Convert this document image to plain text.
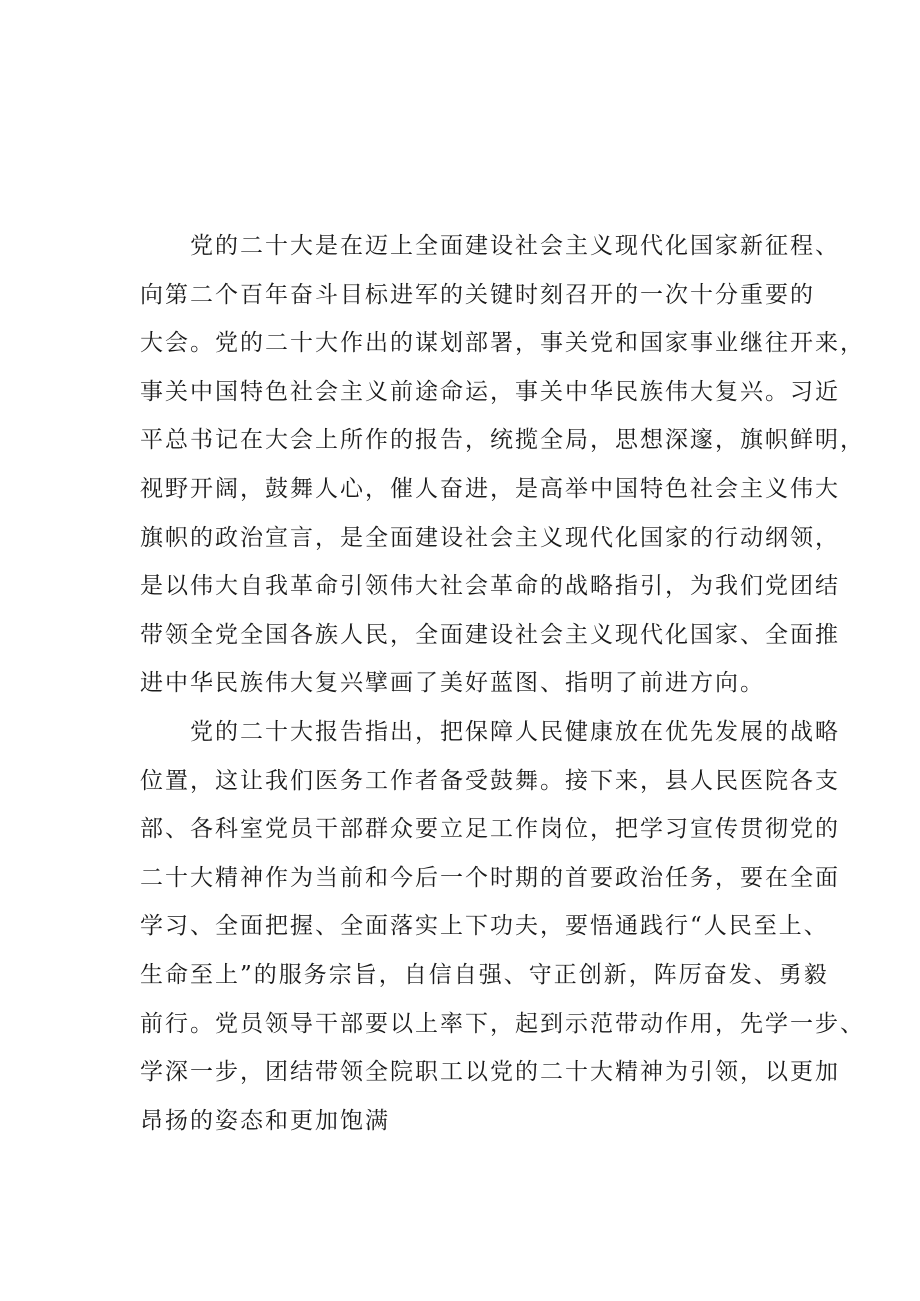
党的二十大是在迈上全面建设社会主义现代化国家新征程、
向第二个百年奋斗目标进军的关键时刻召开的一次十分重要的
大会。党的二十大作出的谋划部署，事关党和国家事业继往开来，
事关中国特色社会主义前途命运，事关中华民族伟大复兴。习近
平总书记在大会上所作的报告，统揽全局，思想深邃，旗帜鲜明，
视野开阔，鼓舞人心，催人奋进，是高举中国特色社会主义伟大
旗帜的政治宣言，是全面建设社会主义现代化国家的行动纲领，
是以伟大自我革命引领伟大社会革命的战略指引，为我们党团结
带领全党全国各族人民，全面建设社会主义现代化国家、全面推
进中华民族伟大复兴擘画了美好蓝图、指明了前进方向。
党的二十大报告指出，把保障人民健康放在优先发展的战略
位置，这让我们医务工作者备受鼓舞。接下来，县人民医院各支
部、各科室党员干部群众要立足工作岗位，把学习宣传贯彻党的
二十大精神作为当前和今后一个时期的首要政治任务，要在全面
学习、全面把握、全面落实上下功夫，要悟通践行“人民至上、
生命至上”的服务宗旨，自信自强、守正创新，阵厉奋发、勇毅
前行。党员领导干部要以上率下，起到示范带动作用，先学一步、
学深一步，团结带领全院职工以党的二十大精神为引领，以更加
昂扬的姿态和更加饱满
